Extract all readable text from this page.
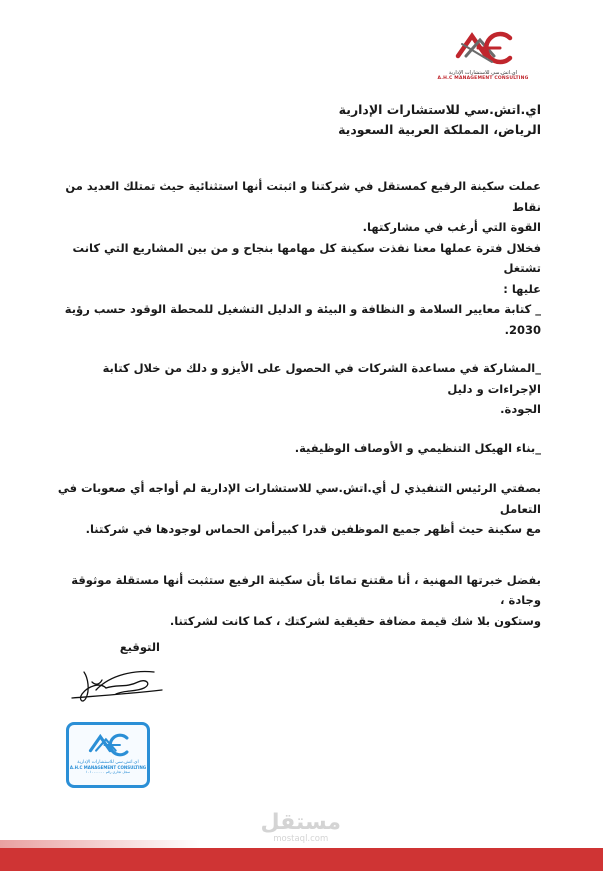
اي.اتش.سي للاستشارات الإدارية
A.H.C MANAGEMENT CONSULTING
اي.اتش.سي للاستشارات الإدارية
الرياض، المملكة العربية السعودية

عملت سكينة الرفيع كمستقل في شركتنا و اثبتت أنها استثنائية حيث تمتلك العديد من نقاط

القوة التي أرغب في مشاركتها.

فخلال فترة عملها معنا نفذت سكينة كل مهامها بنجاح و من بين المشاريع التي كانت تشتغل

عليها :

_ كتابة معايير السلامة و النظافة و البيئة و الدليل التشغيل للمحطة الوقود حسب رؤية

2030.

_المشاركة في مساعدة الشركات في الحصول على الأيزو و دلك من خلال كتابة الإجراءات و دليل

الجودة.

_بناء الهيكل التنظيمي و الأوصاف الوظيفية.

بصفتي الرئيس التنفيذي ل أي.اتش.سي للاستشارات الإدارية لم أواجه أي صعوبات في التعامل

مع سكينة حيث أظهر جميع الموظفين قدرا كبيرأمن الحماس لوجودها في شركتنا.

بفضل خبرتها المهنية ، أنا مقتنع تمامًا بأن سكينة الرفيع ستثبت أنها مستقلة موثوقة وجادة ،

وستكون بلا شك قيمة مضافة حقيقية لشركتك ، كما كانت لشركتنا.

التوقيع
اي.اتش.سي للاستشارات الإدارية
A.H.C MANAGEMENT CONSULTING
سجل تجاري رقم ١٠١٠٠٠٠٠٠٠
مستقل
mostaql.com
